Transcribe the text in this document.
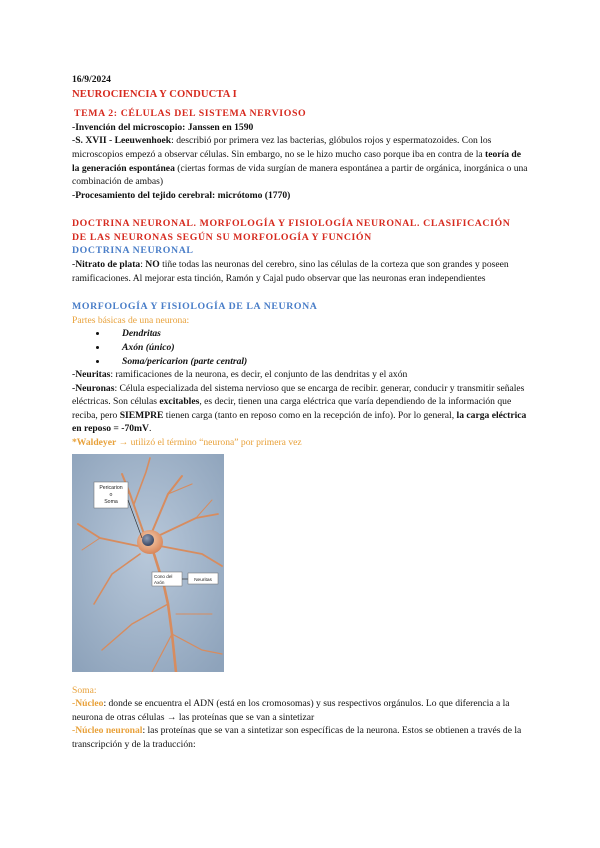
16/9/2024

NEUROCIENCIA Y CONDUCTA I

TEMA 2: CÉLULAS DEL SISTEMA NERVIOSO

-Invención del microscopio: Janssen en 1590

-S. XVII - Leeuwenhoek: describió por primera vez las bacterias, glóbulos rojos y espermatozoides. Con los microscopios empezó a observar células. Sin embargo, no se le hizo mucho caso porque iba en contra de la teoría de la generación espontánea (ciertas formas de vida surgían de manera espontánea a partir de orgánica, inorgánica o una combinación de ambas)

-Procesamiento del tejido cerebral: micrótomo (1770)

DOCTRINA NEURONAL. MORFOLOGÍA Y FISIOLOGÍA NEURONAL. CLASIFICACIÓN DE LAS NEURONAS SEGÚN SU MORFOLOGÍA Y FUNCIÓN

DOCTRINA NEURONAL

-Nitrato de plata: NO tiñe todas las neuronas del cerebro, sino las células de la corteza que son grandes y poseen ramificaciones. Al mejorar esta tinción, Ramón y Cajal pudo observar que las neuronas eran independientes

MORFOLOGÍA Y FISIOLOGÍA DE LA NEURONA

Partes básicas de una neurona:

• Dendritas
• Axón (único)
• Soma/pericarion (parte central)

-Neuritas: ramificaciones de la neurona, es decir, el conjunto de las dendritas y el axón

-Neuronas: Célula especializada del sistema nervioso que se encarga de recibir. generar, conducir y transmitir señales eléctricas. Son células excitables, es decir, tienen una carga eléctrica que varía dependiendo de la información que reciba, pero SIEMPRE tienen carga (tanto en reposo como en la recepción de info). Por lo general, la carga eléctrica en reposo = -70mV.

*Waldeyer → utilizó el término “neurona” por primera vez

Pericarion
o
Soma
Cono del
Axón	Neuritas

Soma:

-Núcleo: donde se encuentra el ADN (está en los cromosomas) y sus respectivos orgánulos. Lo que diferencia a la neurona de otras células → las proteínas que se van a sintetizar

-Núcleo neuronal: las proteínas que se van a sintetizar son específicas de la neurona. Estos se obtienen a través de la transcripción y de la traducción:
